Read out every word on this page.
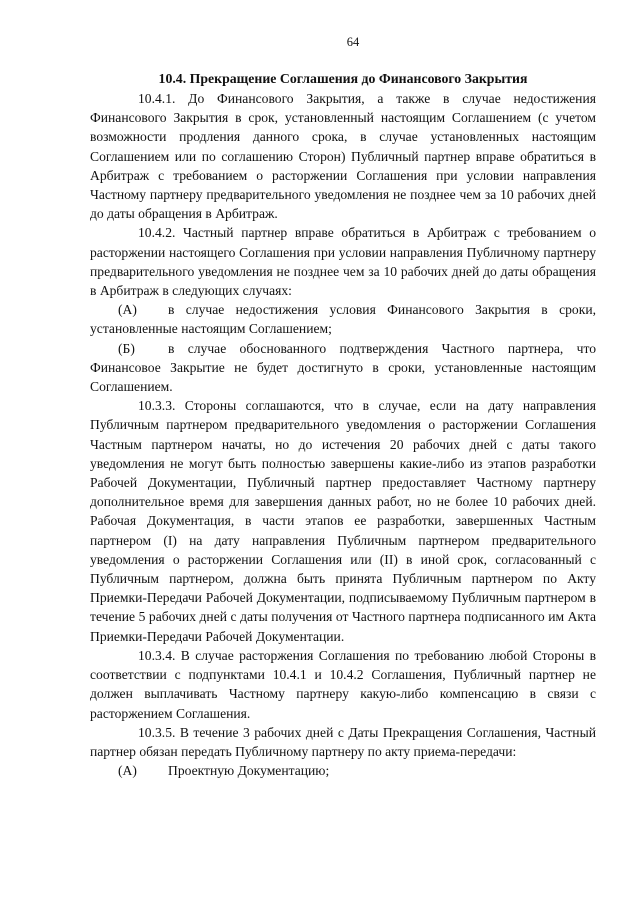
64
10.4. Прекращение Соглашения до Финансового Закрытия

10.4.1. До Финансового Закрытия, а также в случае недостижения Финансового Закрытия в срок, установленный настоящим Соглашением (с учетом возможности продления данного срока, в случае установленных настоящим Соглашением или по соглашению Сторон) Публичный партнер вправе обратиться в Арбитраж с требованием о расторжении Соглашения при условии направления Частному партнеру предварительного уведомления не позднее чем за 10 рабочих дней до даты обращения в Арбитраж.

10.4.2. Частный партнер вправе обратиться в Арбитраж с требованием о расторжении настоящего Соглашения при условии направления Публичному партнеру предварительного уведомления не позднее чем за 10 рабочих дней до даты обращения в Арбитраж в следующих случаях:

(А) в случае недостижения условия Финансового Закрытия в сроки, установленные настоящим Соглашением;

(Б) в случае обоснованного подтверждения Частного партнера, что Финансовое Закрытие не будет достигнуто в сроки, установленные настоящим Соглашением.

10.3.3. Стороны соглашаются, что в случае, если на дату направления Публичным партнером предварительного уведомления о расторжении Соглашения Частным партнером начаты, но до истечения 20 рабочих дней с даты такого уведомления не могут быть полностью завершены какие-либо из этапов разработки Рабочей Документации, Публичный партнер предоставляет Частному партнеру дополнительное время для завершения данных работ, но не более 10 рабочих дней. Рабочая Документация, в части этапов ее разработки, завершенных Частным партнером (I) на дату направления Публичным партнером предварительного уведомления о расторжении Соглашения или (II) в иной срок, согласованный с Публичным партнером, должна быть принята Публичным партнером по Акту Приемки-Передачи Рабочей Документации, подписываемому Публичным партнером в течение 5 рабочих дней с даты получения от Частного партнера подписанного им Акта Приемки-Передачи Рабочей Документации.

10.3.4. В случае расторжения Соглашения по требованию любой Стороны в соответствии с подпунктами 10.4.1 и 10.4.2 Соглашения, Публичный партнер не должен выплачивать Частному партнеру какую-либо компенсацию в связи с расторжением Соглашения.

10.3.5. В течение 3 рабочих дней с Даты Прекращения Соглашения, Частный партнер обязан передать Публичному партнеру по акту приема-передачи:

(А) Проектную Документацию;
